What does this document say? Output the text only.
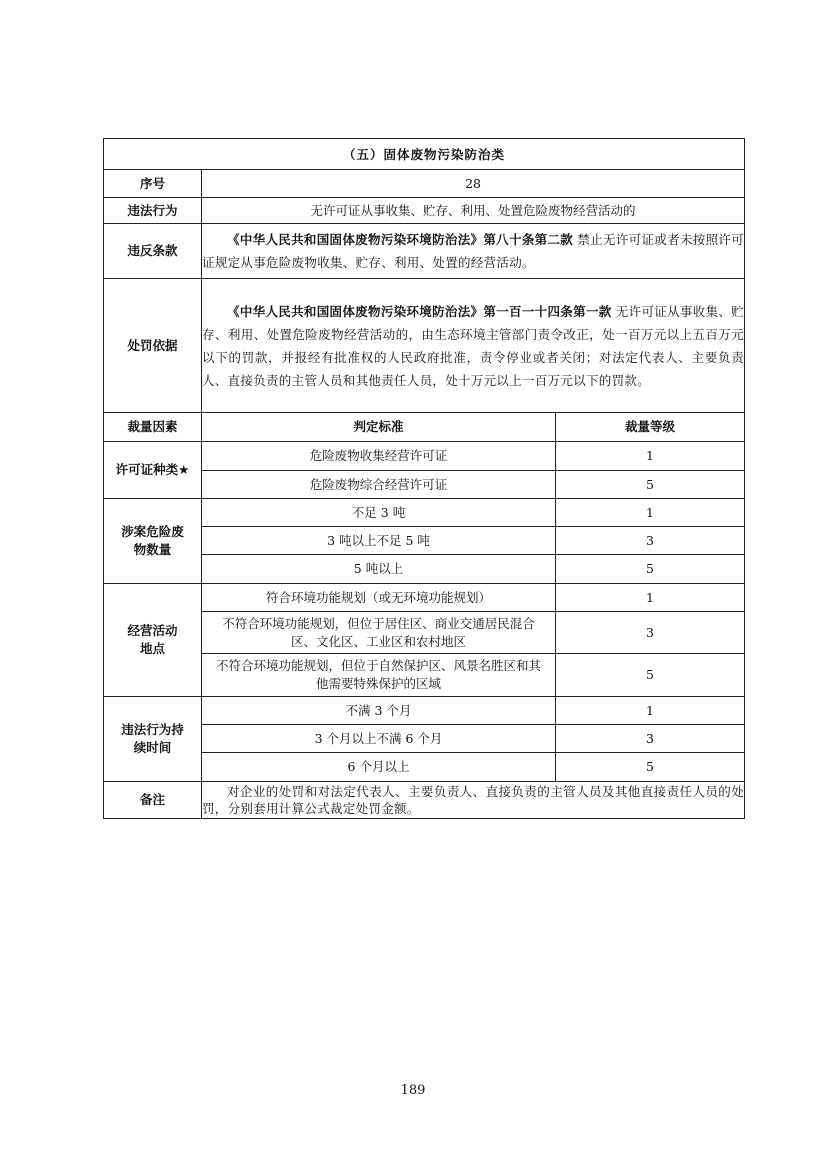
（五）固体废物污染防治类		
序号	28	
违法行为	无许可证从事收集、贮存、利用、处置危险废物经营活动的	
违反条款	《中华人民共和国固体废物污染环境防治法》第八十条第二款 禁止无许可证或者未按照许可证规定从事危险废物收集、贮存、利用、处置的经营活动。	
处罚依据	《中华人民共和国固体废物污染环境防治法》第一百一十四条第一款 无许可证从事收集、贮存、利用、处置危险废物经营活动的，由生态环境主管部门责令改正，处一百万元以上五百万元以下的罚款，并报经有批准权的人民政府批准，责令停业或者关闭；对法定代表人、主要负责人、直接负责的主管人员和其他责任人员，处十万元以上一百万元以下的罚款。	
裁量因素	判定标准	裁量等级
许可证种类★	危险废物收集经营许可证	1
	危险废物综合经营许可证	5
涉案危险废物数量	不足 3 吨	1
	3 吨以上不足 5 吨	3
	5 吨以上	5
经营活动地点	符合环境功能规划（或无环境功能规划）	1
	不符合环境功能规划，但位于居住区、商业交通居民混合区、文化区、工业区和农村地区	3
	不符合环境功能规划，但位于自然保护区、风景名胜区和其他需要特殊保护的区域	5
违法行为持续时间	不满 3 个月	1
	3 个月以上不满 6 个月	3
	6 个月以上	5
备注	对企业的处罚和对法定代表人、主要负责人、直接负责的主管人员及其他直接责任人员的处罚，分别套用计算公式裁定处罚金额。	
189
